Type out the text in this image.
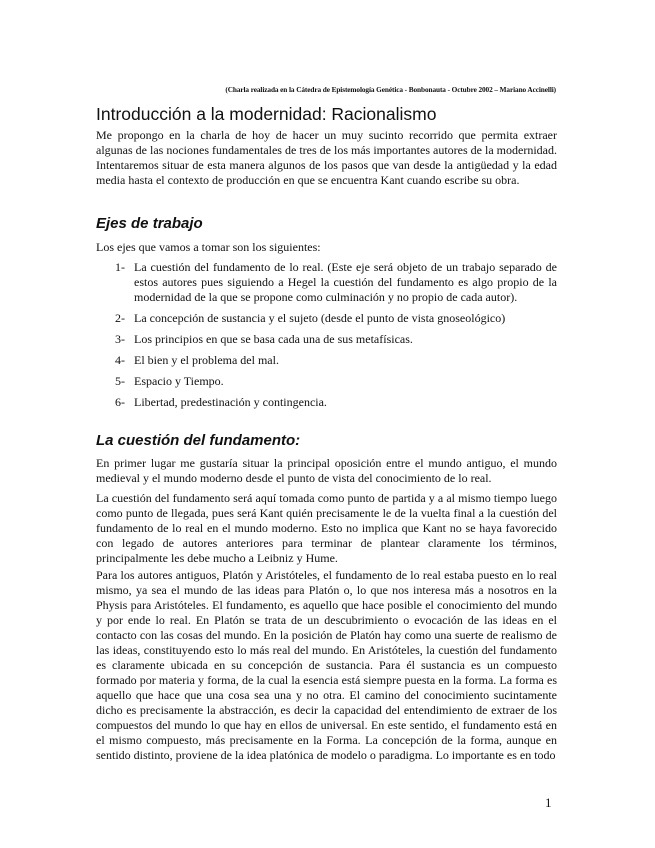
(Charla realizada en la Cátedra de Epistemología Genética - Bonbonauta - Octubre 2002 – Mariano Accinelli)
Introducción a la modernidad: Racionalismo

Me propongo en la charla de hoy de hacer un muy sucinto recorrido que permita extraer algunas de las nociones fundamentales de tres de los más importantes autores de la modernidad. Intentaremos situar de esta manera algunos de los pasos que van desde la antigüedad y la edad media hasta el contexto de producción en que se encuentra Kant cuando escribe su obra.

Ejes de trabajo

Los ejes que vamos a tomar son los siguientes:

1- La cuestión del fundamento de lo real. (Este eje será objeto de un trabajo separado de estos autores pues siguiendo a Hegel la cuestión del fundamento es algo propio de la modernidad de la que se propone como culminación y no propio de cada autor).
2- La concepción de sustancia y el sujeto (desde el punto de vista gnoseológico)
3- Los principios en que se basa cada una de sus metafísicas.
4- El bien y el problema del mal.
5- Espacio y Tiempo.
6- Libertad, predestinación y contingencia.
La cuestión del fundamento:

En primer lugar me gustaría situar la principal oposición entre el mundo antiguo, el mundo medieval y el mundo moderno desde el punto de vista del conocimiento de lo real.

La cuestión del fundamento será aquí tomada como punto de partida y a al mismo tiempo luego como punto de llegada, pues será Kant quién precisamente le de la vuelta final a la cuestión del fundamento de lo real en el mundo moderno. Esto no implica que Kant no se haya favorecido con legado de autores anteriores para terminar de plantear claramente los términos, principalmente les debe mucho a Leibniz y Hume.

Para los autores antiguos, Platón y Aristóteles, el fundamento de lo real estaba puesto en lo real mismo, ya sea el mundo de las ideas para Platón o, lo que nos interesa más a nosotros en la Physis para Aristóteles. El fundamento, es aquello que hace posible el conocimiento del mundo y por ende lo real. En Platón se trata de un descubrimiento o evocación de las ideas en el contacto con las cosas del mundo. En la posición de Platón hay como una suerte de realismo de las ideas, constituyendo esto lo más real del mundo. En Aristóteles, la cuestión del fundamento es claramente ubicada en su concepción de sustancia. Para él sustancia es un compuesto formado por materia y forma, de la cual la esencia está siempre puesta en la forma. La forma es aquello que hace que una cosa sea una y no otra. El camino del conocimiento sucintamente dicho es precisamente la abstracción, es decir la capacidad del entendimiento de extraer de los compuestos del mundo lo que hay en ellos de universal. En este sentido, el fundamento está en el mismo compuesto, más precisamente en la Forma. La concepción de la forma, aunque en sentido distinto, proviene de la idea platónica de modelo o paradigma. Lo importante es en todo

1
